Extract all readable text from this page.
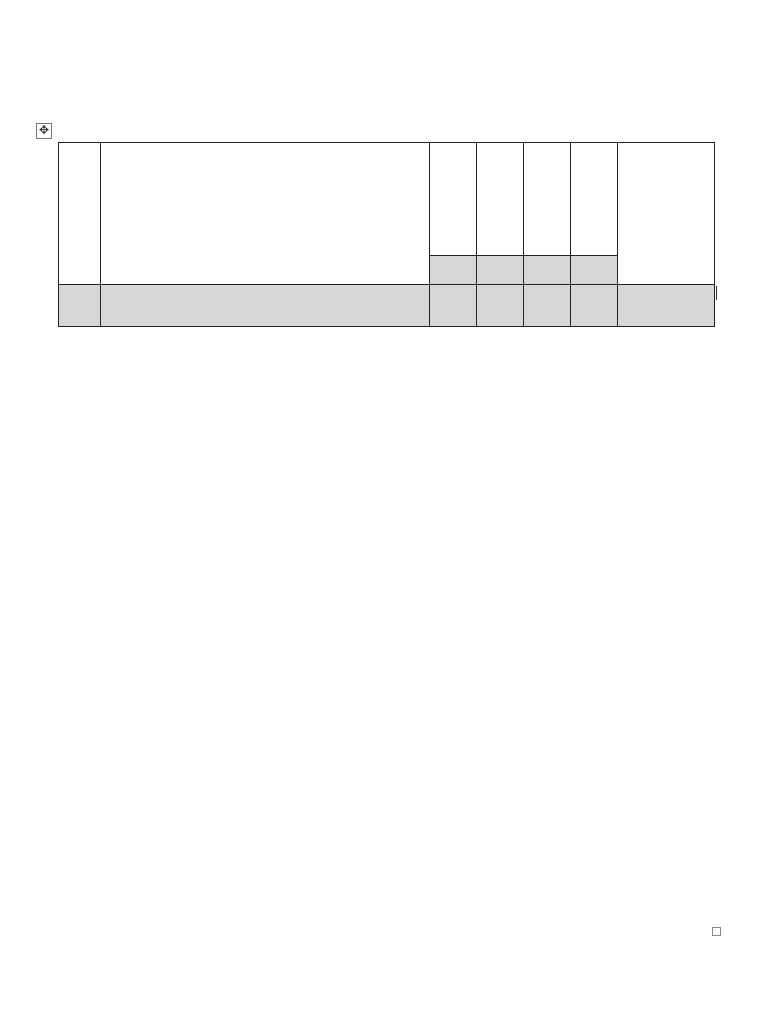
✥
